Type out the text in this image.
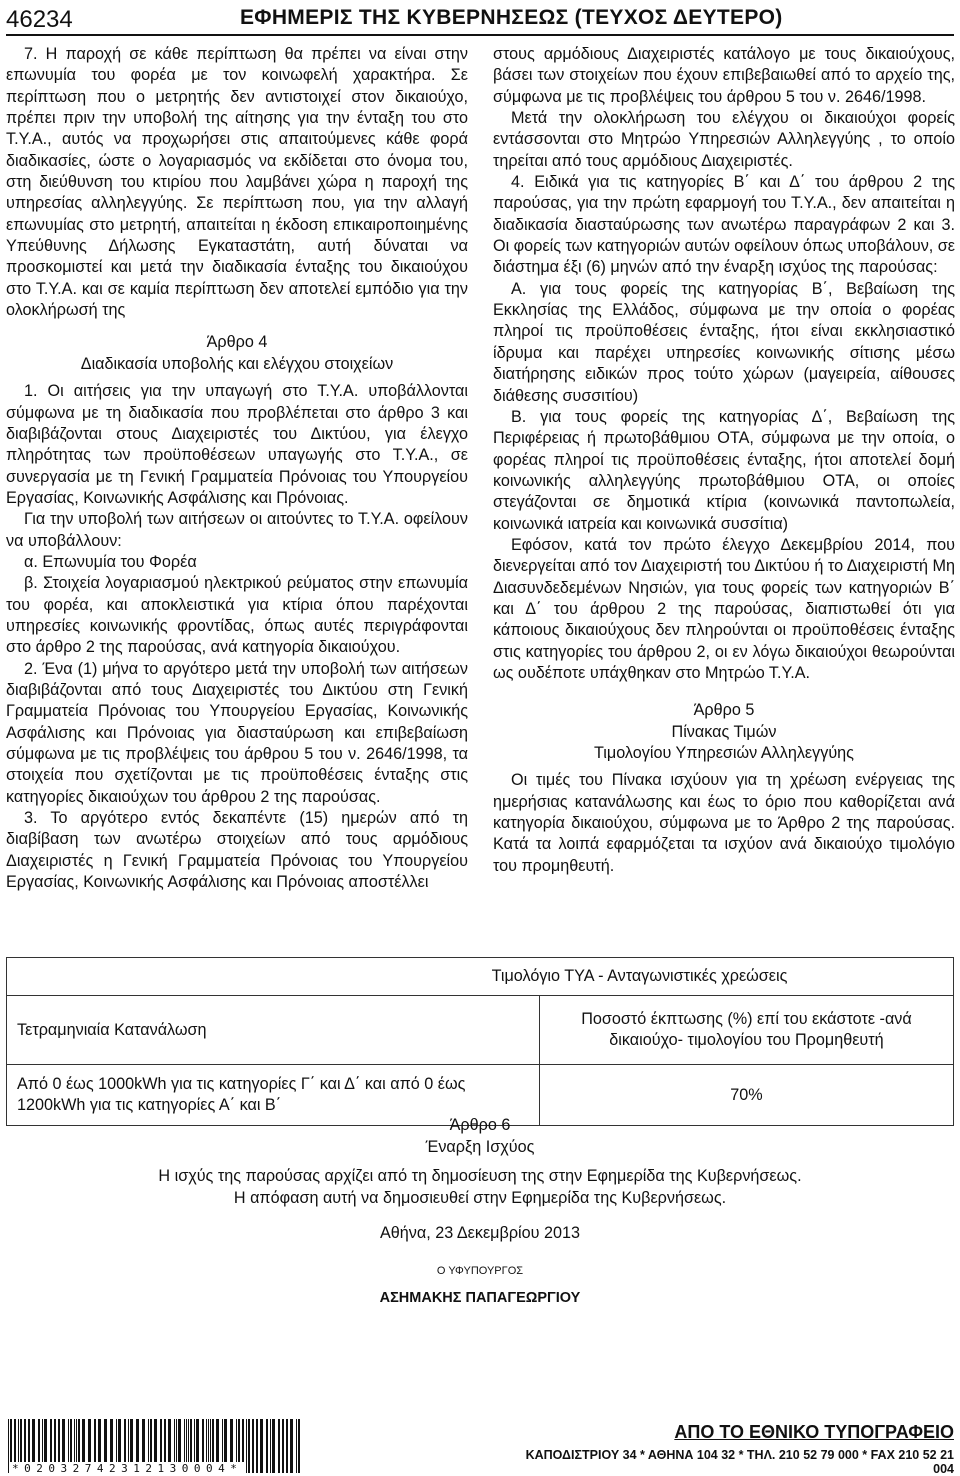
46234	ΕΦΗΜΕΡΙΣ ΤΗΣ ΚΥΒΕΡΝΗΣΕΩΣ (ΤΕΥΧΟΣ ΔΕΥΤΕΡΟ)

7. Η παροχή σε κάθε περίπτωση θα πρέπει να είναι στην επωνυμία του φορέα με τον κοινωφελή χαρακτήρα. Σε περίπτωση που ο μετρητής δεν αντιστοιχεί στον δικαιούχο, πρέπει πριν την υποβολή της αίτησης για την ένταξη του στο Τ.Υ.Α., αυτός να προχωρήσει στις απαιτούμενες κάθε φορά διαδικασίες, ώστε ο λογαριασμός να εκδίδεται στο όνομα του, στη διεύθυνση του κτιρίου που λαμβάνει χώρα η παροχή της υπηρεσίας αλληλεγγύης. Σε περίπτωση που, για την αλλαγή επωνυμίας στο μετρητή, απαιτείται η έκδοση επικαιροποιημένης Υπεύθυνης Δήλωσης Εγκαταστάτη, αυτή δύναται να προσκομιστεί και μετά την διαδικασία ένταξης του δικαιούχου στο Τ.Υ.Α. και σε καμία περίπτωση δεν αποτελεί εμπόδιο για την ολοκλήρωσή της

Άρθρο 4

Διαδικασία υποβολής και ελέγχου στοιχείων

1. Οι αιτήσεις για την υπαγωγή στο Τ.Υ.Α. υποβάλλονται σύμφωνα με τη διαδικασία που προβλέπεται στο άρθρο 3 και διαβιβάζονται στους Διαχειριστές του Δικτύου, για έλεγχο πληρότητας των προϋποθέσεων υπαγωγής στο Τ.Υ.Α., σε συνεργασία με τη Γενική Γραμματεία Πρόνοιας του Υπουργείου Εργασίας, Κοινωνικής Ασφάλισης και Πρόνοιας.

Για την υποβολή των αιτήσεων οι αιτούντες το Τ.Υ.Α. οφείλουν να υποβάλλουν:

α. Επωνυμία του Φορέα

β. Στοιχεία λογαριασμού ηλεκτρικού ρεύματος στην επωνυμία του φορέα, και αποκλειστικά για κτίρια όπου παρέχονται υπηρεσίες κοινωνικής φροντίδας, όπως αυτές περιγράφονται στο άρθρο 2 της παρούσας, ανά κατηγορία δικαιούχου.

2. Ένα (1) μήνα το αργότερο μετά την υποβολή των αιτήσεων διαβιβάζονται από τους Διαχειριστές του Δικτύου στη Γενική Γραμματεία Πρόνοιας του Υπουργείου Εργασίας, Κοινωνικής Ασφάλισης και Πρόνοιας για διασταύρωση και επιβεβαίωση σύμφωνα με τις προβλέψεις του άρθρου 5 του ν. 2646/1998, τα στοιχεία που σχετίζονται με τις προϋποθέσεις ένταξης στις κατηγορίες δικαιούχων του άρθρου 2 της παρούσας.

3. Το αργότερο εντός δεκαπέντε (15) ημερών από τη διαβίβαση των ανωτέρω στοιχείων από τους αρμόδιους Διαχειριστές η Γενική Γραμματεία Πρόνοιας του Υπουργείου Εργασίας, Κοινωνικής Ασφάλισης και Πρόνοιας αποστέλλει

στους αρμόδιους Διαχειριστές κατάλογο με τους δικαιούχους, βάσει των στοιχείων που έχουν επιβεβαιωθεί από το αρχείο της, σύμφωνα με τις προβλέψεις του άρθρου 5 του ν. 2646/1998.

Μετά την ολοκλήρωση του ελέγχου οι δικαιούχοι φορείς εντάσσονται στο Μητρώο Υπηρεσιών Αλληλεγγύης , το οποίο τηρείται από τους αρμόδιους Διαχειριστές.

4. Ειδικά για τις κατηγορίες Β΄ και Δ΄ του άρθρου 2 της παρούσας, για την πρώτη εφαρμογή του Τ.Υ.Α., δεν απαιτείται η διαδικασία διασταύρωσης των ανωτέρω παραγράφων 2 και 3. Οι φορείς των κατηγοριών αυτών οφείλουν όπως υποβάλουν, σε διάστημα έξι (6) μηνών από την έναρξη ισχύος της παρούσας:

Α. για τους φορείς της κατηγορίας Β΄, Βεβαίωση της Εκκλησίας της Ελλάδος, σύμφωνα με την οποία ο φορέας πληροί τις προϋποθέσεις ένταξης, ήτοι είναι εκκλησιαστικό ίδρυμα και παρέχει υπηρεσίες κοινωνικής σίτισης μέσω διατήρησης ειδικών προς τούτο χώρων (μαγειρεία, αίθουσες διάθεσης συσσιτίου)

Β. για τους φορείς της κατηγορίας Δ΄, Βεβαίωση της Περιφέρειας ή πρωτοβάθμιου ΟΤΑ, σύμφωνα με την οποία, ο φορέας πληροί τις προϋποθέσεις ένταξης, ήτοι αποτελεί δομή κοινωνικής αλληλεγγύης πρωτοβάθμιου ΟΤΑ, οι οποίες στεγάζονται σε δημοτικά κτίρια (κοινωνικά παντοπωλεία, κοινωνικά ιατρεία και κοινωνικά συσσίτια)

Εφόσον, κατά τον πρώτο έλεγχο Δεκεμβρίου 2014, που διενεργείται από τον Διαχειριστή του Δικτύου ή το Διαχειριστή Μη Διασυνδεδεμένων Νησιών, για τους φορείς των κατηγοριών Β΄ και Δ΄ του άρθρου 2 της παρούσας, διαπιστωθεί ότι για κάποιους δικαιούχους δεν πληρούνται οι προϋποθέσεις ένταξης στις κατηγορίες του άρθρου 2, οι εν λόγω δικαιούχοι θεωρούνται ως ουδέποτε υπάχθηκαν στο Μητρώο Τ.Υ.Α.

Άρθρο 5

Πίνακας Τιμών

Τιμολογίου Υπηρεσιών Αλληλεγγύης

Οι τιμές του Πίνακα ισχύουν για τη χρέωση ενέργειας της ημερήσιας κατανάλωσης και έως το όριο που καθορίζεται ανά κατηγορία δικαιούχου, σύμφωνα με το Άρθρο 2 της παρούσας. Κατά τα λοιπά εφαρμόζεται τα ισχύον ανά δικαιούχο τιμολόγιο του προμηθευτή.

Τιμολόγιο ΤΥΑ - Ανταγωνιστικές χρεώσεις	
Τετραμηνιαία Κατανάλωση	Ποσοστό έκπτωσης (%) επί του εκάστοτε -ανά δικαιούχο- τιμολογίου του Προμηθευτή
Από 0 έως 1000kWh για τις κατηγορίες Γ΄ και Δ΄ και από 0 έως 1200kWh για τις κατηγορίες Α΄ και Β΄	70%

Άρθρο 6

Έναρξη Ισχύος

Η ισχύς της παρούσας αρχίζει από τη δημοσίευση της στην Εφημερίδα της Κυβερνήσεως.

Η απόφαση αυτή να δημοσιευθεί στην Εφημερίδα της Κυβερνήσεως.

Αθήνα, 23 Δεκεμβρίου 2013

Ο ΥΦΥΠΟΥΡΓΟΣ

ΑΣΗΜΑΚΗΣ ΠΑΠΑΓΕΩΡΓΙΟΥ

*02032742312130004*
ΑΠΟ ΤΟ ΕΘΝΙΚΟ ΤΥΠΟΓΡΑΦΕΙΟ
ΚΑΠΟΔΙΣΤΡΙΟΥ 34 * ΑΘΗΝΑ 104 32 * ΤΗΛ. 210 52 79 000 * FAX 210 52 21 004
